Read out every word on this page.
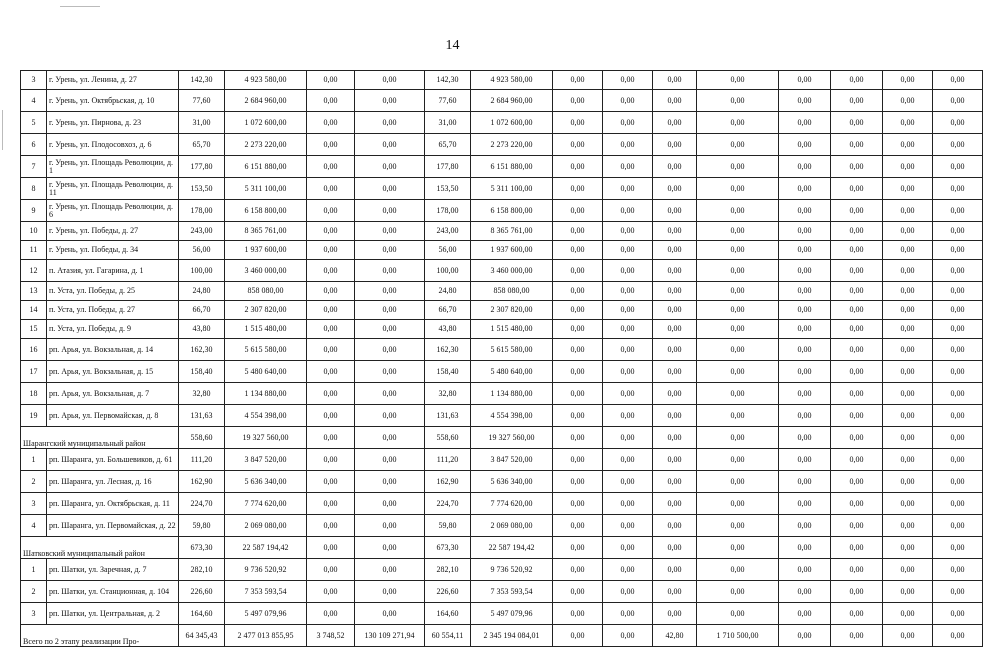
14
3	г. Урень, ул. Ленина, д. 27	142,30	4 923 580,00	0,00	0,00	142,30	4 923 580,00	0,00	0,00	0,00	0,00	0,00	0,00	0,00	0,00
4	г. Урень, ул. Октябрьская, д. 10	77,60	2 684 960,00	0,00	0,00	77,60	2 684 960,00	0,00	0,00	0,00	0,00	0,00	0,00	0,00	0,00
5	г. Урень, ул. Пирнова, д. 23	31,00	1 072 600,00	0,00	0,00	31,00	1 072 600,00	0,00	0,00	0,00	0,00	0,00	0,00	0,00	0,00
6	г. Урень, ул. Плодосовхоз, д. 6	65,70	2 273 220,00	0,00	0,00	65,70	2 273 220,00	0,00	0,00	0,00	0,00	0,00	0,00	0,00	0,00
7	г. Урень, ул. Площадь Революции, д. 1	177,80	6 151 880,00	0,00	0,00	177,80	6 151 880,00	0,00	0,00	0,00	0,00	0,00	0,00	0,00	0,00
8	г. Урень, ул. Площадь Революции, д. 11	153,50	5 311 100,00	0,00	0,00	153,50	5 311 100,00	0,00	0,00	0,00	0,00	0,00	0,00	0,00	0,00
9	г. Урень, ул. Площадь Революции, д. 6	178,00	6 158 800,00	0,00	0,00	178,00	6 158 800,00	0,00	0,00	0,00	0,00	0,00	0,00	0,00	0,00
10	г. Урень, ул. Победы, д. 27	243,00	8 365 761,00	0,00	0,00	243,00	8 365 761,00	0,00	0,00	0,00	0,00	0,00	0,00	0,00	0,00
11	г. Урень, ул. Победы, д. 34	56,00	1 937 600,00	0,00	0,00	56,00	1 937 600,00	0,00	0,00	0,00	0,00	0,00	0,00	0,00	0,00
12	п. Атазия, ул. Гагарина, д. 1	100,00	3 460 000,00	0,00	0,00	100,00	3 460 000,00	0,00	0,00	0,00	0,00	0,00	0,00	0,00	0,00
13	п. Уста, ул. Победы, д. 25	24,80	858 080,00	0,00	0,00	24,80	858 080,00	0,00	0,00	0,00	0,00	0,00	0,00	0,00	0,00
14	п. Уста, ул. Победы, д. 27	66,70	2 307 820,00	0,00	0,00	66,70	2 307 820,00	0,00	0,00	0,00	0,00	0,00	0,00	0,00	0,00
15	п. Уста, ул. Победы, д. 9	43,80	1 515 480,00	0,00	0,00	43,80	1 515 480,00	0,00	0,00	0,00	0,00	0,00	0,00	0,00	0,00
16	рп. Арья, ул. Вокзальная, д. 14	162,30	5 615 580,00	0,00	0,00	162,30	5 615 580,00	0,00	0,00	0,00	0,00	0,00	0,00	0,00	0,00
17	рп. Арья, ул. Вокзальная, д. 15	158,40	5 480 640,00	0,00	0,00	158,40	5 480 640,00	0,00	0,00	0,00	0,00	0,00	0,00	0,00	0,00
18	рп. Арья, ул. Вокзальная, д. 7	32,80	1 134 880,00	0,00	0,00	32,80	1 134 880,00	0,00	0,00	0,00	0,00	0,00	0,00	0,00	0,00
19	рп. Арья, ул. Первомайская, д. 8	131,63	4 554 398,00	0,00	0,00	131,63	4 554 398,00	0,00	0,00	0,00	0,00	0,00	0,00	0,00	0,00
Шарангский муниципальный район		558,60	19 327 560,00	0,00	0,00	558,60	19 327 560,00	0,00	0,00	0,00	0,00	0,00	0,00	0,00	0,00
1	рп. Шаранга, ул. Большевиков, д. 61	111,20	3 847 520,00	0,00	0,00	111,20	3 847 520,00	0,00	0,00	0,00	0,00	0,00	0,00	0,00	0,00
2	рп. Шаранга, ул. Лесная, д. 16	162,90	5 636 340,00	0,00	0,00	162,90	5 636 340,00	0,00	0,00	0,00	0,00	0,00	0,00	0,00	0,00
3	рп. Шаранга, ул. Октябрьская, д. 11	224,70	7 774 620,00	0,00	0,00	224,70	7 774 620,00	0,00	0,00	0,00	0,00	0,00	0,00	0,00	0,00
4	рп. Шаранга, ул. Первомайская, д. 22	59,80	2 069 080,00	0,00	0,00	59,80	2 069 080,00	0,00	0,00	0,00	0,00	0,00	0,00	0,00	0,00
Шатковский муниципальный район		673,30	22 587 194,42	0,00	0,00	673,30	22 587 194,42	0,00	0,00	0,00	0,00	0,00	0,00	0,00	0,00
1	рп. Шатки, ул. Заречная, д. 7	282,10	9 736 520,92	0,00	0,00	282,10	9 736 520,92	0,00	0,00	0,00	0,00	0,00	0,00	0,00	0,00
2	рп. Шатки, ул. Станционная, д. 104	226,60	7 353 593,54	0,00	0,00	226,60	7 353 593,54	0,00	0,00	0,00	0,00	0,00	0,00	0,00	0,00
3	рп. Шатки, ул. Центральная, д. 2	164,60	5 497 079,96	0,00	0,00	164,60	5 497 079,96	0,00	0,00	0,00	0,00	0,00	0,00	0,00	0,00
Всего по 2 этапу реализации Про-		64 345,43	2 477 013 855,95	3 748,52	130 109 271,94	60 554,11	2 345 194 084,01	0,00	0,00	42,80	1 710 500,00	0,00	0,00	0,00	0,00
